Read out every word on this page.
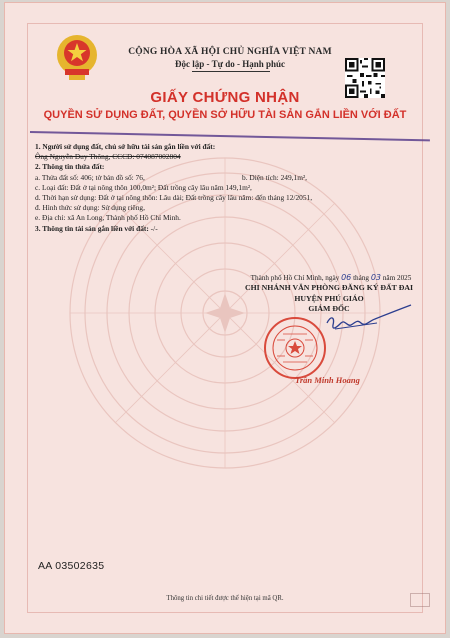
CỘNG HÒA XÃ HỘI CHỦ NGHĨA VIỆT NAM
Độc lập - Tự do - Hạnh phúc
GIẤY CHỨNG NHẬN
QUYỀN SỬ DỤNG ĐẤT, QUYỀN SỞ HỮU TÀI SẢN GẮN LIỀN VỚI ĐẤT
1. Người sử dụng đất, chủ sở hữu tài sản gắn liền với đất:
Ông Nguyễn Duy Thông, CCCD: 074087002804
2. Thông tin thửa đất:
a. Thửa đất số: 406; tờ bản đồ số: 76,	b. Diện tích: 249,1m²,
c. Loại đất: Đất ở tại nông thôn 100,0m²; Đất trồng cây lâu năm 149,1m²,
d. Thời hạn sử dụng: Đất ở tại nông thôn: Lâu dài; Đất trồng cây lâu năm: đến tháng 12/2051,
đ. Hình thức sử dụng: Sử dụng riêng,
e. Địa chỉ: xã An Long, Thành phố Hồ Chí Minh.
3. Thông tin tài sản gắn liền với đất: -/-
Thành phố Hồ Chí Minh, ngày 06 tháng 03 năm 2025
CHI NHÁNH VĂN PHÒNG ĐĂNG KÝ ĐẤT ĐAI
HUYỆN PHÚ GIÁO
GIÁM ĐỐC
Trần Minh Hoang
AA 03502635
Thông tin chi tiết được thể hiện tại mã QR.
